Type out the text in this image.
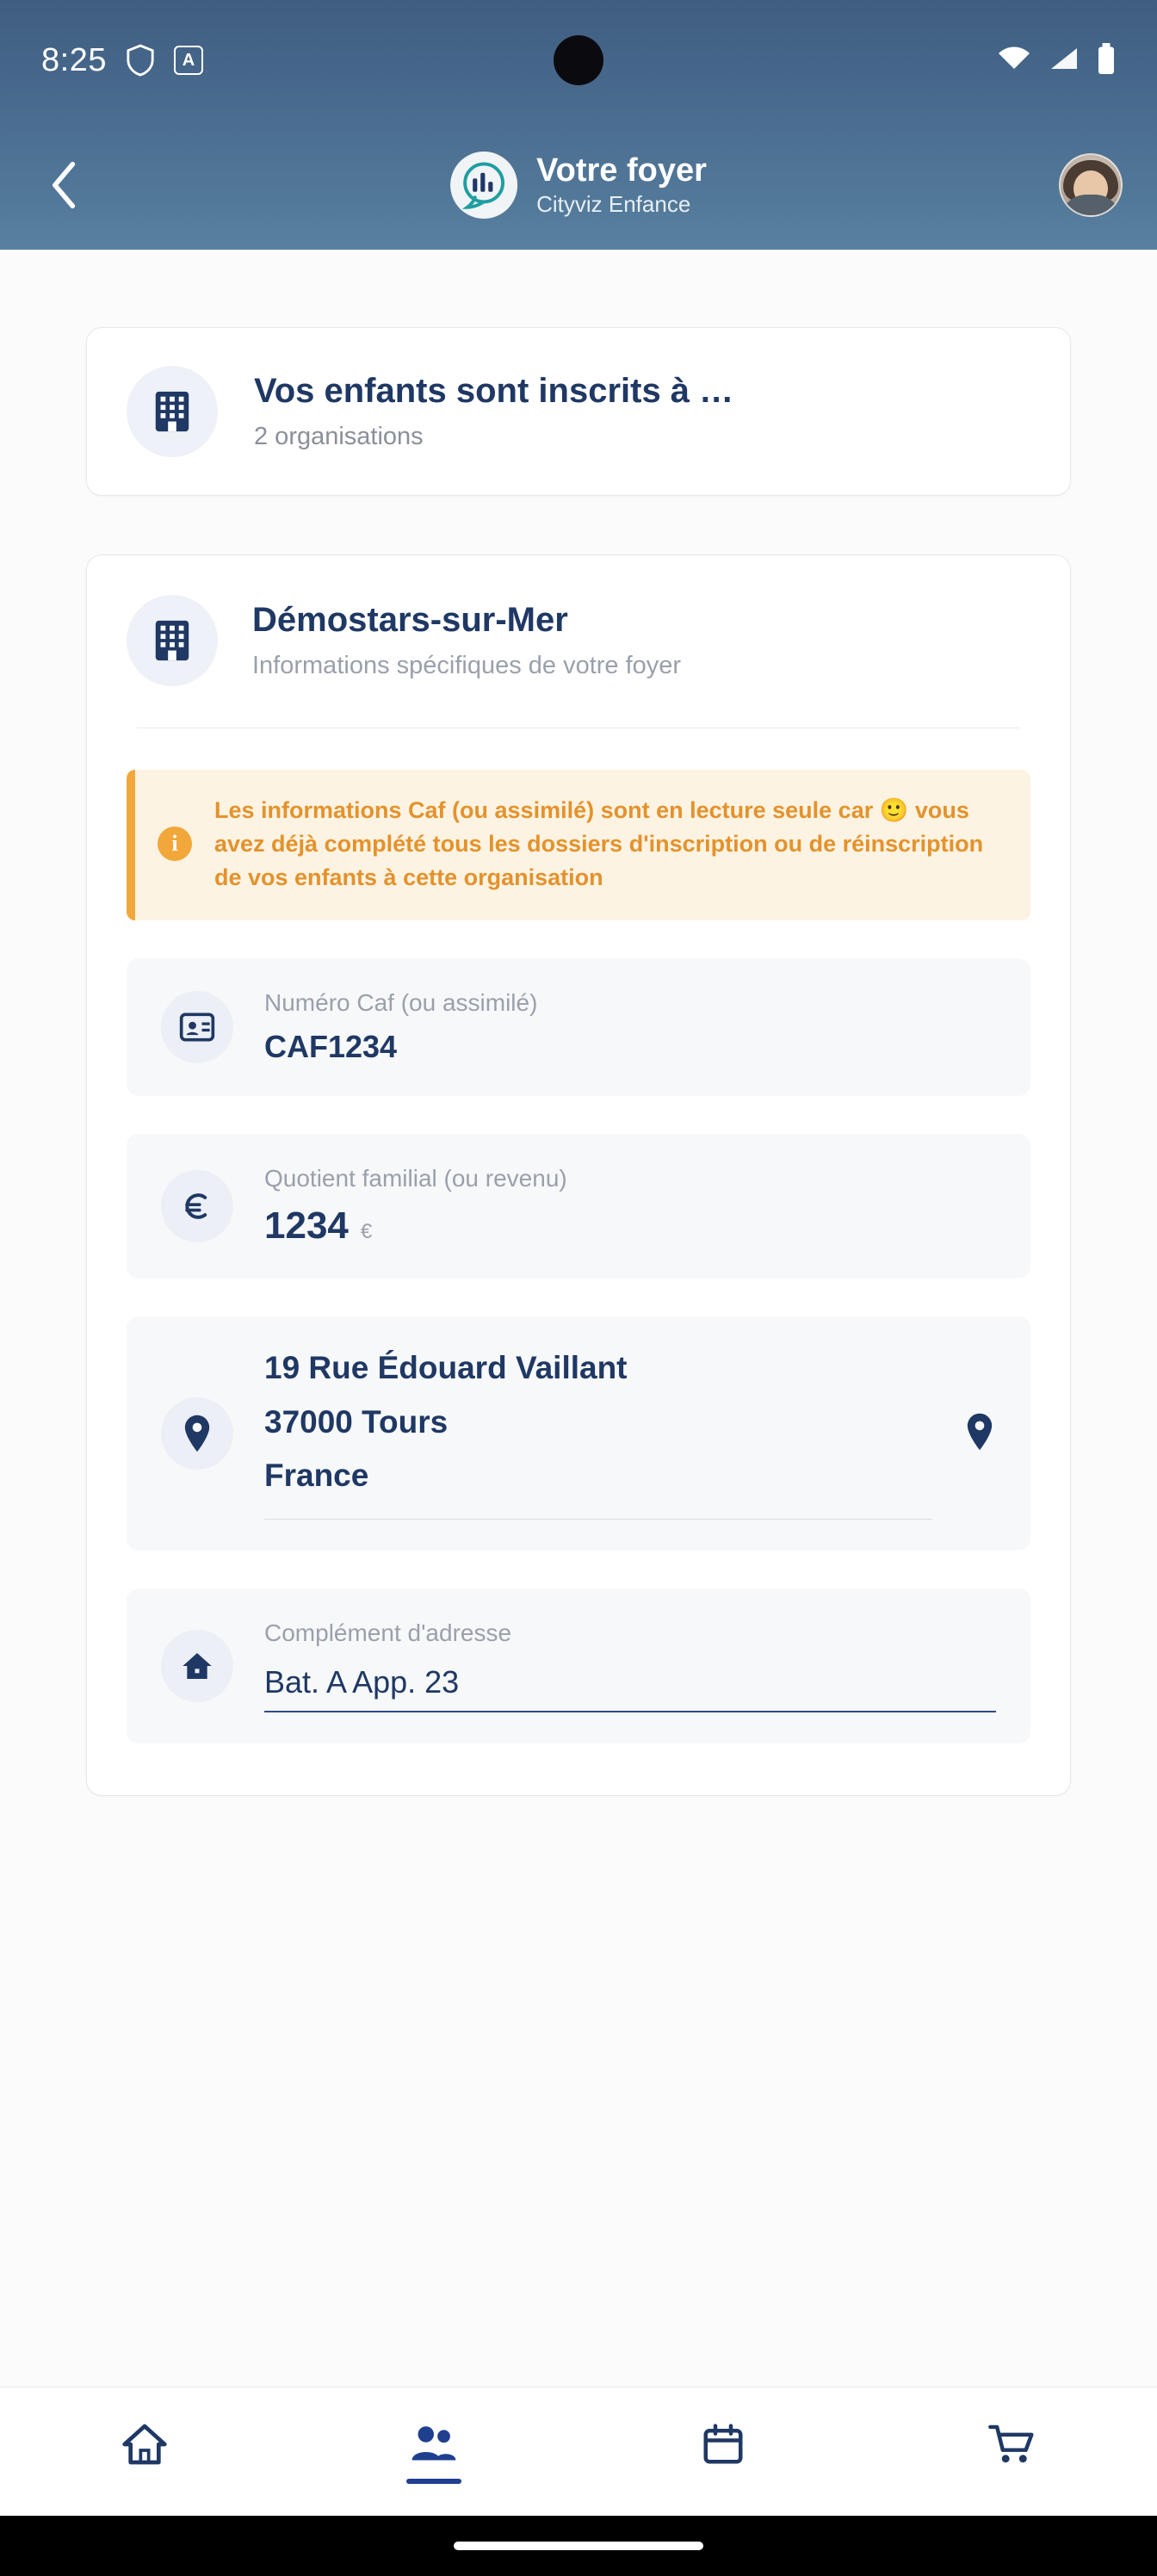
8:25	A
Votre foyer
Cityviz Enfance
Vos enfants sont inscrits à …
2 organisations
Démostars-sur-Mer
Informations spécifiques de votre foyer
i
Les informations Caf (ou assimilé) sont en lecture seule car 🙂 vous avez déjà complété tous les dossiers d'inscription ou de réinscription de vos enfants à cette organisation
Numéro Caf (ou assimilé)
CAF1234
Quotient familial (ou revenu)
1234 €
19 Rue Édouard Vaillant
37000 Tours
France
Complément d'adresse
Bat. A App. 23
